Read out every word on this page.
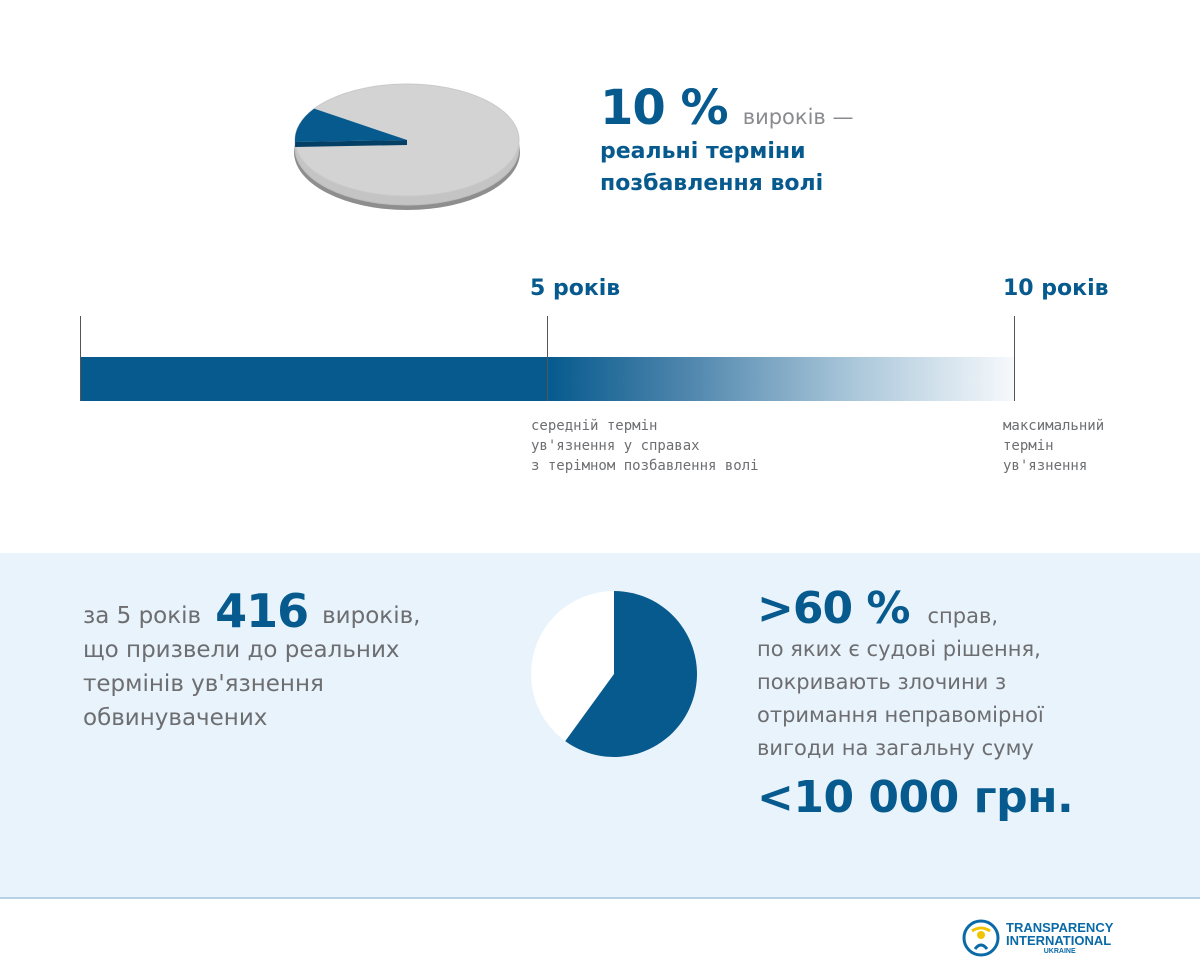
10 % вироків —
реальні терміни
позбавлення волі
5 років	10 років
середній термін
ув'язнення у справах
з терімном позбавлення волі
максимальний
термін
ув'язнення
за 5 років 416 вироків,
що призвели до реальних
термінів ув'язнення
обвинувачених
>60 % справ,
по яких є судові рішення,
покривають злочини з
отримання неправомірної
вигоди на загальну суму
<10 000 грн.
TRANSPARENCY
INTERNATIONAL
UKRAINE
